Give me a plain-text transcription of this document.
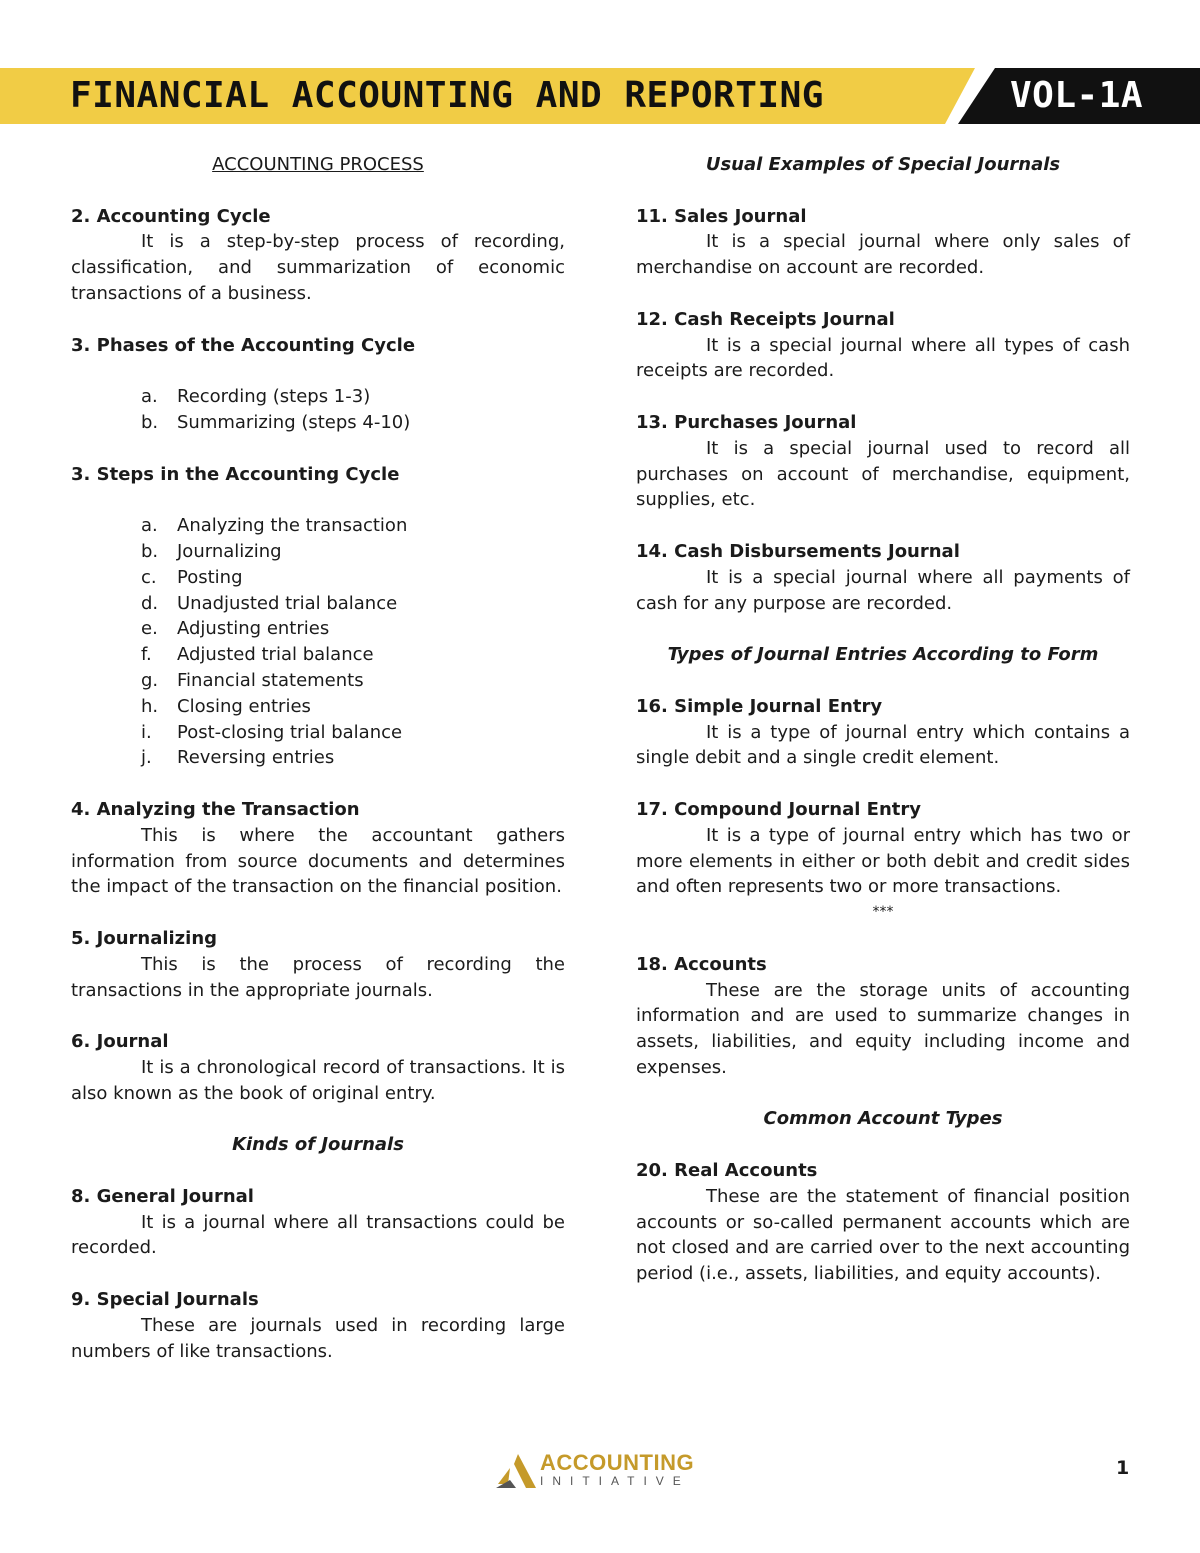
FINANCIAL ACCOUNTING AND REPORTING	VOL-1A
ACCOUNTING PROCESS
2. Accounting Cycle

It is a step-by-step process of recording, classification, and summarization of economic transactions of a business.

3. Phases of the Accounting Cycle
a. Recording (steps 1-3)
b. Summarizing (steps 4-10)
3. Steps in the Accounting Cycle
a. Analyzing the transaction
b. Journalizing
c. Posting
d. Unadjusted trial balance
e. Adjusting entries
f. Adjusted trial balance
g. Financial statements
h. Closing entries
i. Post-closing trial balance
j. Reversing entries
4. Analyzing the Transaction

This is where the accountant gathers information from source documents and determines the impact of the transaction on the financial position.

5. Journalizing

This is the process of recording the transactions in the appropriate journals.

6. Journal

It is a chronological record of transactions. It is also known as the book of original entry.

Kinds of Journals
8. General Journal

It is a journal where all transactions could be recorded.

9. Special Journals

These are journals used in recording large numbers of like transactions.

Usual Examples of Special Journals
11. Sales Journal

It is a special journal where only sales of merchandise on account are recorded.

12. Cash Receipts Journal

It is a special journal where all types of cash receipts are recorded.

13. Purchases Journal

It is a special journal used to record all purchases on account of merchandise, equipment, supplies, etc.

14. Cash Disbursements Journal

It is a special journal where all payments of cash for any purpose are recorded.

Types of Journal Entries According to Form
16. Simple Journal Entry

It is a type of journal entry which contains a single debit and a single credit element.

17. Compound Journal Entry

It is a type of journal entry which has two or more elements in either or both debit and credit sides and often represents two or more transactions.

***
18. Accounts

These are the storage units of accounting information and are used to summarize changes in assets, liabilities, and equity including income and expenses.

Common Account Types
20. Real Accounts

These are the statement of financial position accounts or so-called permanent accounts which are not closed and are carried over to the next accounting period (i.e., assets, liabilities, and equity accounts).

ACCOUNTING
INITIATIVE
1
